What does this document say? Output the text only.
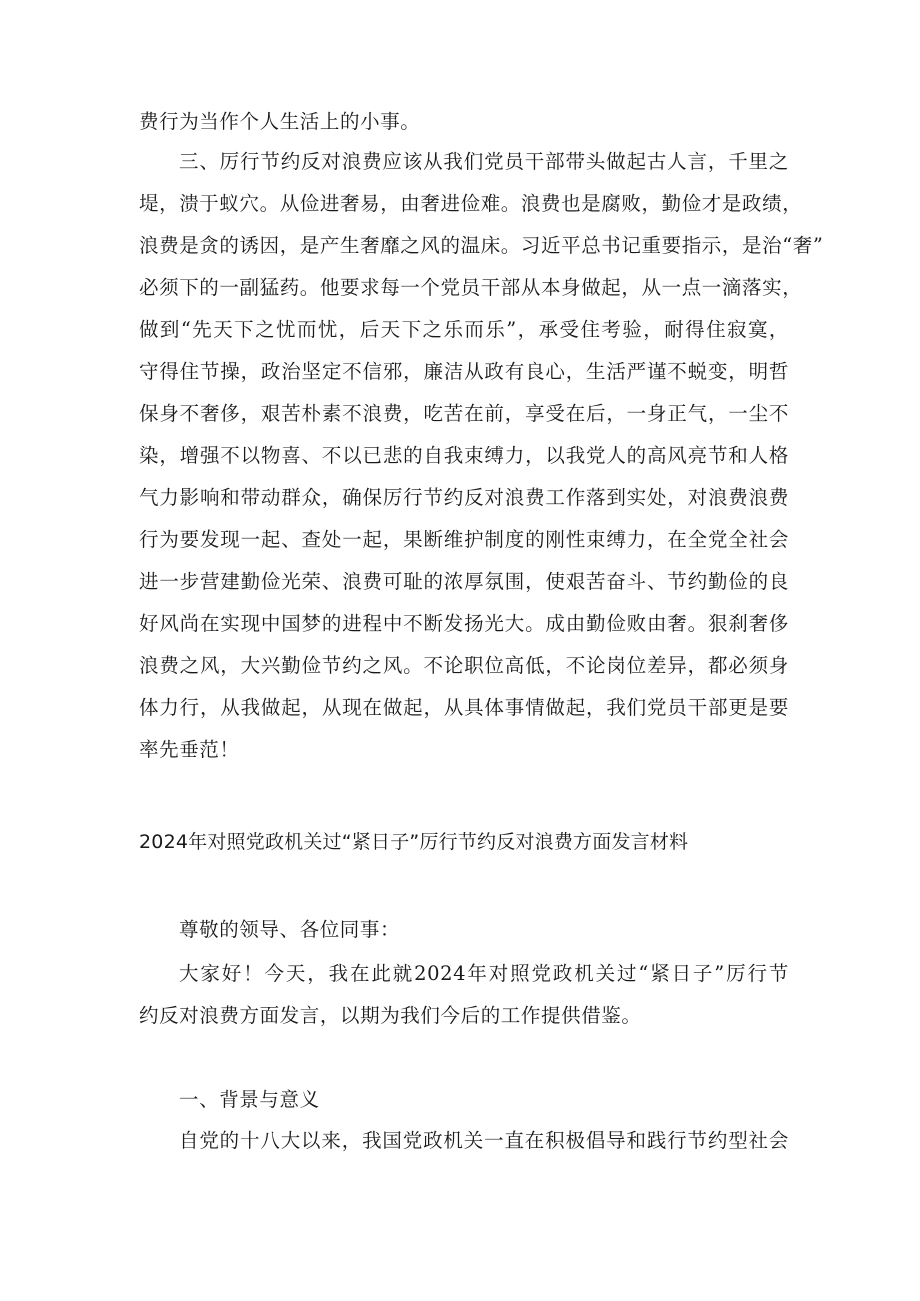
费行为当作个人生活上的小事。
三、厉行节约反对浪费应该从我们党员干部带头做起古人言，千里之
堤，溃于蚁穴。从俭进奢易，由奢进俭难。浪费也是腐败，勤俭才是政绩，
浪费是贪的诱因，是产生奢靡之风的温床。习近平总书记重要指示，是治“奢”
必须下的一副猛药。他要求每一个党员干部从本身做起，从一点一滴落实，
做到“先天下之忧而忧，后天下之乐而乐”，承受住考验，耐得住寂寞，
守得住节操，政治坚定不信邪，廉洁从政有良心，生活严谨不蜕变，明哲
保身不奢侈，艰苦朴素不浪费，吃苦在前，享受在后，一身正气，一尘不
染，增强不以物喜、不以已悲的自我束缚力，以我党人的高风亮节和人格
气力影响和带动群众，确保厉行节约反对浪费工作落到实处，对浪费浪费
行为要发现一起、查处一起，果断维护制度的刚性束缚力，在全党全社会
进一步营建勤俭光荣、浪费可耻的浓厚氛围，使艰苦奋斗、节约勤俭的良
好风尚在实现中国梦的进程中不断发扬光大。成由勤俭败由奢。狠刹奢侈
浪费之风，大兴勤俭节约之风。不论职位高低，不论岗位差异，都必须身
体力行，从我做起，从现在做起，从具体事情做起，我们党员干部更是要
率先垂范！
2024年对照党政机关过“紧日子”厉行节约反对浪费方面发言材料
尊敬的领导、各位同事：
大家好！今天，我在此就2024年对照党政机关过“紧日子”厉行节
约反对浪费方面发言，以期为我们今后的工作提供借鉴。
一、背景与意义
自党的十八大以来，我国党政机关一直在积极倡导和践行节约型社会
